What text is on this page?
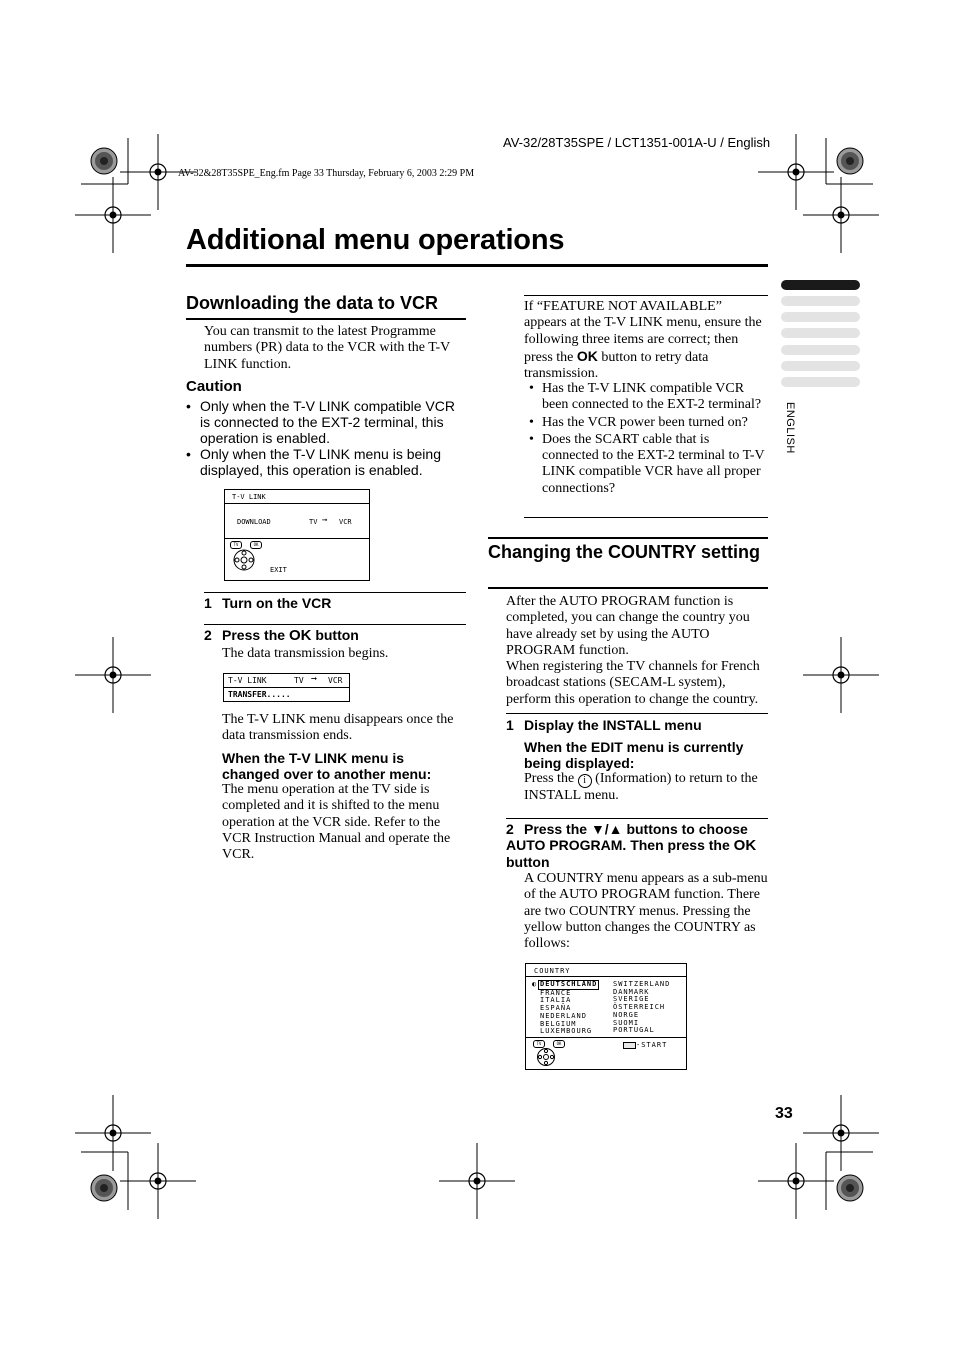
AV-32/28T35SPE / LCT1351-001A-U / English
AV-32&28T35SPE_Eng.fm Page 33 Thursday, February 6, 2003 2:29 PM
Additional menu operations
ENGLISH
Downloading the data to VCR
You can transmit to the latest Programme numbers (PR) data to the VCR with the T-V LINK function.
Caution
• Only when the T-V LINK compatible VCR is connected to the EXT-2 terminal, this operation is enabled.
• Only when the T-V LINK menu is being displayed, this operation is enabled.
T-V LINK
DOWNLOAD	TV ➞ VCR
TV	OK
EXIT
1 Turn on the VCR
2 Press the OK button
The data transmission begins.
T-V LINK	TV ➞ VCR
TRANSFER.....
The T-V LINK menu disappears once the data transmission ends.
When the T-V LINK menu is changed over to another menu:
The menu operation at the TV side is completed and it is shifted to the menu operation at the VCR side. Refer to the VCR Instruction Manual and operate the VCR.
If “FEATURE NOT AVAILABLE” appears at the T-V LINK menu, ensure the following three items are correct; then press the OK button to retry data transmission.
• Has the T-V LINK compatible VCR been connected to the EXT-2 terminal?
• Has the VCR power been turned on?
• Does the SCART cable that is connected to the EXT-2 terminal to T-V LINK compatible VCR have all proper connections?
Changing the COUNTRY setting
After the AUTO PROGRAM function is completed, you can change the country you have already set by using the AUTO PROGRAM function.
When registering the TV channels for French broadcast stations (SECAM-L system), perform this operation to change the country.
1 Display the INSTALL menu
When the EDIT menu is currently being displayed:
Press the i (Information) to return to the INSTALL menu.
2 Press the ▼/▲ buttons to choose AUTO PROGRAM. Then press the OK button
A COUNTRY menu appears as a sub-menu of the AUTO PROGRAM function. There are two COUNTRY menus. Pressing the yellow button changes the COUNTRY as follows:
COUNTRY
◐ DEUTSCHLAND
FRANCE
ITALIA
ESPAÑA
NEDERLAND
BELGIUM
LUXEMBOURG
SWITZERLAND
DANMARK
SVERIGE
ÖSTERREICH
NORGE
SUOMI
PORTUGAL
TV	OK	-START
33
